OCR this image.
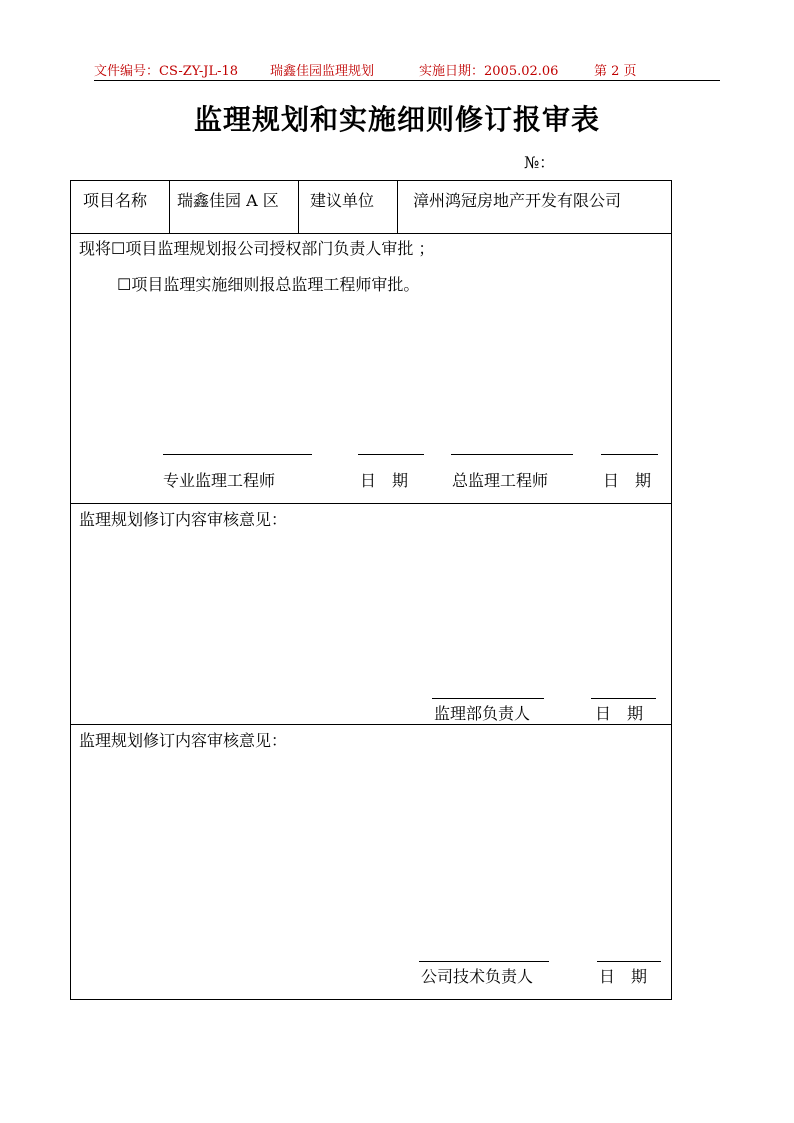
文件编号：CS-ZY-JL-18 瑞鑫佳园监理规划	实施日期：2005.02.06	第 2 页
监理规划和实施细则修订报审表
№：
项目名称 瑞鑫佳园 A 区 建议单位 漳州鸿冠房地产开发有限公司
现将☐项目监理规划报公司授权部门负责人审批 ；
☐项目监理实施细则报总监理工程师审批。
专业监理工程师	日　期	总监理工程师	日　期
监理规划修订内容审核意见：
监理部负责人	日　期
监理规划修订内容审核意见：
公司技术负责人	日　期
